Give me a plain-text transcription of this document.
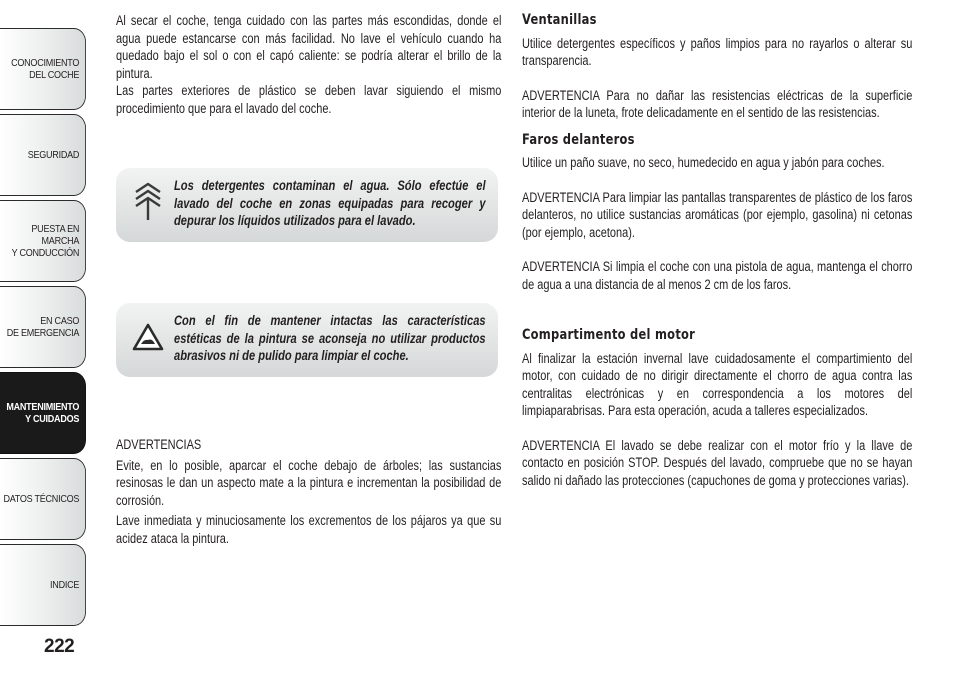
CONOCIMIENTO
DEL COCHE
SEGURIDAD
PUESTA EN MARCHA
Y CONDUCCIÓN
EN CASO
DE EMERGENCIA
MANTENIMIENTO
Y CUIDADOS
DATOS TÉCNICOS
INDICE
222

Al secar el coche, tenga cuidado con las partes más escondidas, donde el agua puede estancarse con más facilidad. No lave el vehículo cuando ha quedado bajo el sol o con el capó caliente: se podría alterar el brillo de la pintura.

Las partes exteriores de plástico se deben lavar siguiendo el mismo procedimiento que para el lavado del coche.

Los detergentes contaminan el agua. Sólo efectúe el lavado del coche en zonas equipadas para recoger y depurar los líquidos utilizados para el lavado.
Con el fin de mantener intactas las características estéticas de la pintura se aconseja no utilizar productos abrasivos ni de pulido para limpiar el coche.

ADVERTENCIAS

Evite, en lo posible, aparcar el coche debajo de árboles; las sustancias resinosas le dan un aspecto mate a la pintura e incrementan la posibilidad de corrosión.

Lave inmediata y minuciosamente los excrementos de los pájaros ya que su acidez ataca la pintura.

Ventanillas

Utilice detergentes específicos y paños limpios para no rayarlos o alterar su transparencia.

ADVERTENCIA Para no dañar las resistencias eléctricas de la superficie interior de la luneta, frote delicadamente en el sentido de las resistencias.

Faros delanteros

Utilice un paño suave, no seco, humedecido en agua y jabón para coches.

ADVERTENCIA Para limpiar las pantallas transparentes de plástico de los faros delanteros, no utilice sustancias aromáticas (por ejemplo, gasolina) ni cetonas (por ejemplo, acetona).

ADVERTENCIA Si limpia el coche con una pistola de agua, mantenga el chorro de agua a una distancia de al menos 2 cm de los faros.

Compartimento del motor

Al finalizar la estación invernal lave cuidadosamente el compartimiento del motor, con cuidado de no dirigir directamente el chorro de agua contra las centralitas electrónicas y en correspondencia a los motores del limpiaparabrisas. Para esta operación, acuda a talleres especializados.

ADVERTENCIA El lavado se debe realizar con el motor frío y la llave de contacto en posición STOP. Después del lavado, compruebe que no se hayan salido ni dañado las protecciones (capuchones de goma y protecciones varias).
